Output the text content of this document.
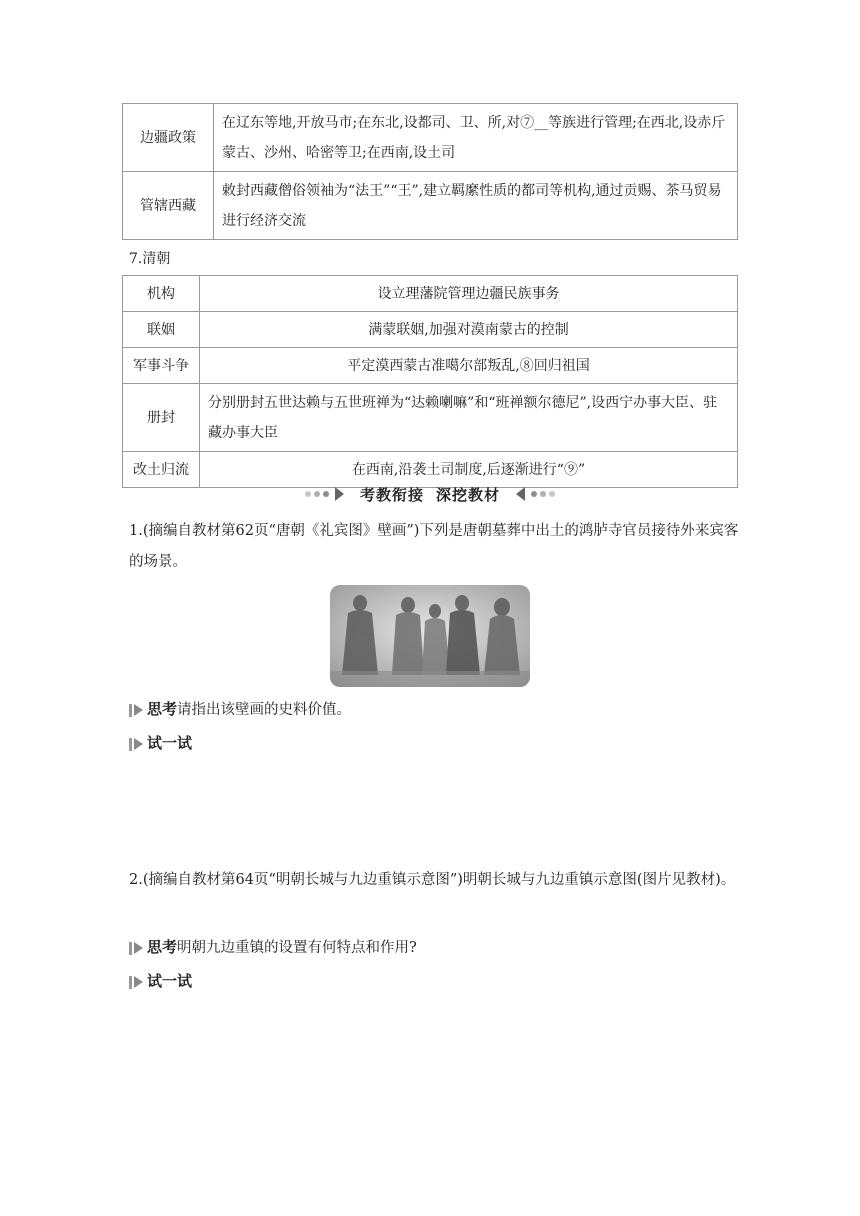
边疆政策	在辽东等地,开放马市;在东北,设都司、卫、所,对⑦__等族进行管理;在西北,设赤斤蒙古、沙州、哈密等卫;在西南,设土司
管辖西藏	敕封西藏僧俗领袖为“法王”“王”,建立羁縻性质的都司等机构,通过贡赐、茶马贸易进行经济交流
7.清朝
机构	设立理藩院管理边疆民族事务
联姻	满蒙联姻,加强对漠南蒙古的控制
军事斗争	平定漠西蒙古准噶尔部叛乱,⑧回归祖国
册封	分别册封五世达赖与五世班禅为“达赖喇嘛”和“班禅额尔德尼”,设西宁办事大臣、驻藏办事大臣
改土归流	在西南,沿袭土司制度,后逐渐进行“⑨”
考教衔接 深挖教材
1.(摘编自教材第62页“唐朝《礼宾图》壁画”)下列是唐朝墓葬中出土的鸿胪寺官员接待外来宾客的场景。
思考请指出该壁画的史料价值。
试一试
2.(摘编自教材第64页“明朝长城与九边重镇示意图”)明朝长城与九边重镇示意图(图片见教材)。
思考明朝九边重镇的设置有何特点和作用?
试一试
